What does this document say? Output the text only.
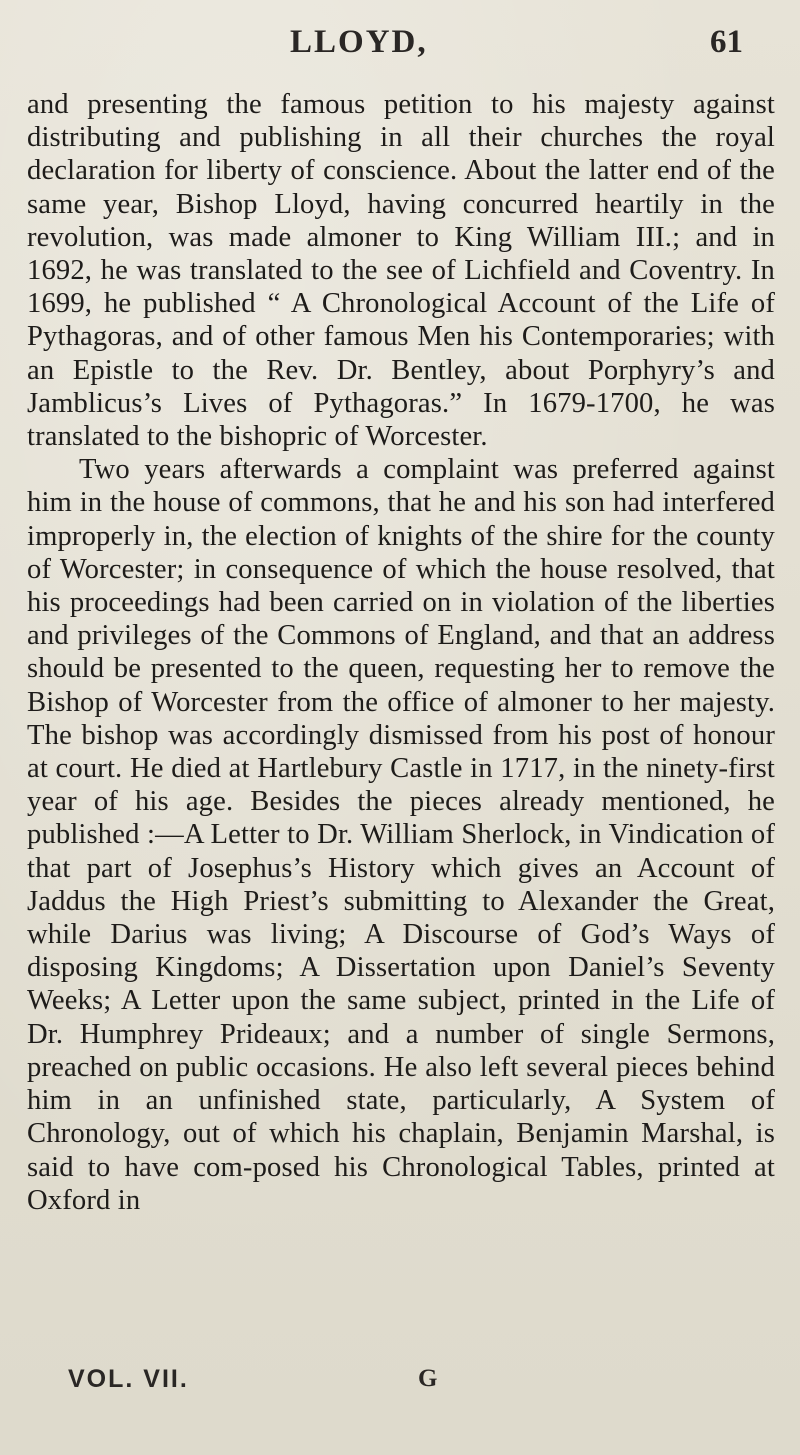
LLOYD,	61

and presenting the famous petition to his majesty against distributing and publishing in all their churches the royal declaration for liberty of conscience. About the latter end of the same year, Bishop Lloyd, having concurred heartily in the revolution, was made almoner to King William III.; and in 1692, he was translated to the see of Lichfield and Coventry. In 1699, he published “ A Chronological Account of the Life of Pythagoras, and of other famous Men his Contemporaries; with an Epistle to the Rev. Dr. Bentley, about Porphyry’s and Jamblicus’s Lives of Pythagoras.” In 1679-1700, he was translated to the bishopric of Worcester.

Two years afterwards a complaint was preferred against him in the house of commons, that he and his son had interfered improperly in, the election of knights of the shire for the county of Worcester; in consequence of which the house resolved, that his proceedings had been carried on in violation of the liberties and privileges of the Commons of England, and that an address should be presented to the queen, requesting her to remove the Bishop of Worcester from the office of almoner to her majesty. The bishop was accordingly dismissed from his post of honour at court. He died at Hartlebury Castle in 1717, in the ninety-first year of his age. Besides the pieces already mentioned, he published :—A Letter to Dr. William Sherlock, in Vindication of that part of Josephus’s History which gives an Account of Jaddus the High Priest’s submitting to Alexander the Great, while Darius was living; A Discourse of God’s Ways of disposing Kingdoms; A Dissertation upon Daniel’s Seventy Weeks; A Letter upon the same subject, printed in the Life of Dr. Humphrey Prideaux; and a number of single Sermons, preached on public occasions. He also left several pieces behind him in an unfinished state, particularly, A System of Chronology, out of which his chaplain, Benjamin Marshal, is said to have com-posed his Chronological Tables, printed at Oxford in

VOL. VII.	G
